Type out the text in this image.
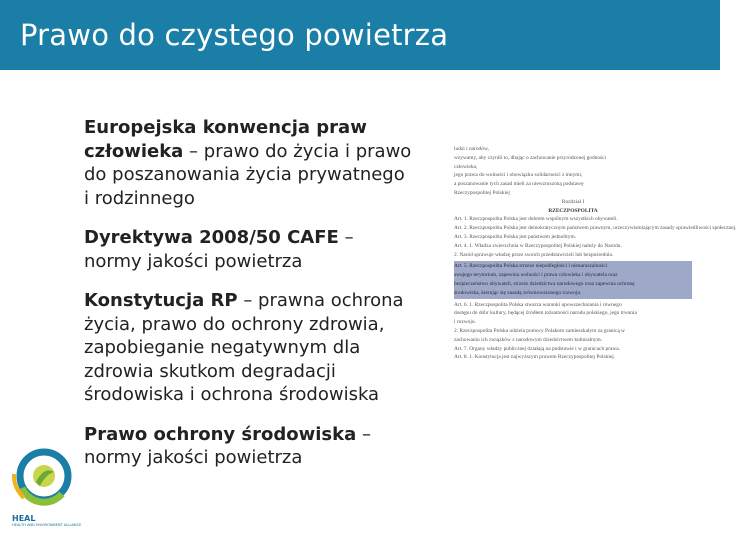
Prawo do czystego powietrza
Europejska konwencja praw człowieka – prawo do życia i prawo do poszanowania życia prywatnego i rodzinnego
Dyrektywa 2008/50 CAFE – normy jakości powietrza
Konstytucja RP – prawna ochrona życia, prawo do ochrony zdrowia, zapobieganie negatywnym dla zdrowia skutkom degradacji środowiska i ochrona środowiska
Prawo ochrony środowiska – normy jakości powietrza
ludzi i narodów,
wzywamy, aby czynili to, dbając o zachowanie przyrodzonej godności
człowieka,
jego prawa do wolności i obowiązku solidarności z innymi,
a poszanowanie tych zasad mieli za niewzruszoną podstawę
Rzeczypospolitej Polskiej
Rozdział I
RZECZPOSPOLITA
Art. 1. Rzeczpospolita Polska jest dobrem wspólnym wszystkich obywateli.
Art. 2. Rzeczpospolita Polska jest demokratycznym państwem prawnym, urzeczywistniającym zasady sprawiedliwości społecznej.
Art. 3. Rzeczpospolita Polska jest państwem jednolitym.
Art. 4. 1. Władza zwierzchnia w Rzeczypospolitej Polskiej należy do Narodu.
2. Naród sprawuje władzę przez swoich przedstawicieli lub bezpośrednio.
Art. 5. Rzeczpospolita Polska strzeże niepodległości i nienaruszalności
swojego terytorium, zapewnia wolności i prawa człowieka i obywatela oraz
bezpieczeństwo obywateli, strzeże dziedzictwa narodowego oraz zapewnia ochronę
środowiska, kierując się zasadą zrównoważonego rozwoju.
Art. 6. 1. Rzeczpospolita Polska stwarza warunki upowszechniania i równego
dostępu do dóbr kultury, będącej źródłem tożsamości narodu polskiego, jego trwania
i rozwoju.
2. Rzeczpospolita Polska udziela pomocy Polakom zamieszkałym za granicą w
zachowaniu ich związków z narodowym dziedzictwem kulturalnym.
Art. 7. Organy władzy publicznej działają na podstawie i w granicach prawa.
Art. 8. 1. Konstytucja jest najwyższym prawem Rzeczypospolitej Polskiej.
HEAL
HEALTH AND ENVIRONMENT ALLIANCE
